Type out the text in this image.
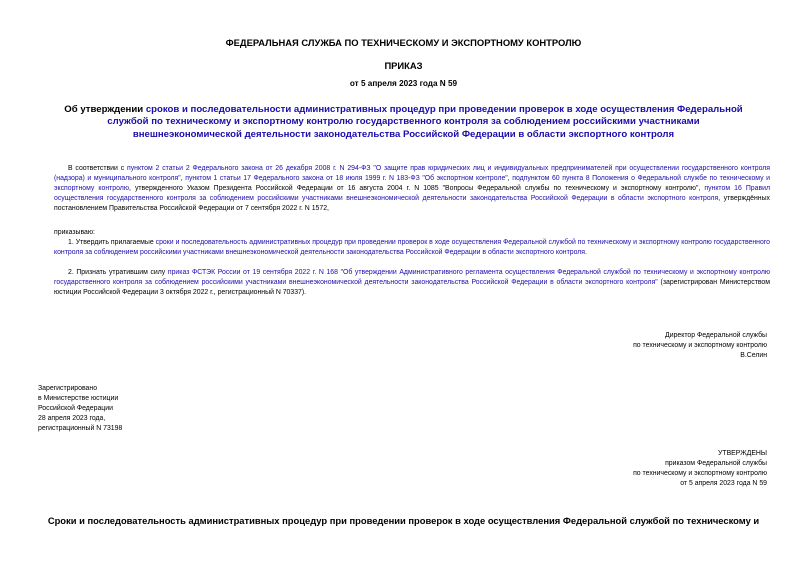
ФЕДЕРАЛЬНАЯ СЛУЖБА ПО ТЕХНИЧЕСКОМУ И ЭКСПОРТНОМУ КОНТРОЛЮ
ПРИКАЗ
от 5 апреля 2023 года N 59
Об утверждении сроков и последовательности административных процедур при проведении проверок в ходе осуществления Федеральной службой по техническому и экспортному контролю государственного контроля за соблюдением российскими участниками внешнеэкономической деятельности законодательства Российской Федерации в области экспортного контроля

В соответствии с пунктом 2 статьи 2 Федерального закона от 26 декабря 2008 г. N 294-ФЗ "О защите прав юридических лиц и индивидуальных предпринимателей при осуществлении государственного контроля (надзора) и муниципального контроля", пунктом 1 статьи 17 Федерального закона от 18 июля 1999 г. N 183-ФЗ "Об экспортном контроле", подпунктом 60 пункта 8 Положения о Федеральной службе по техническому и экспортному контролю, утвержденного Указом Президента Российской Федерации от 16 августа 2004 г. N 1085 "Вопросы Федеральной службы по техническому и экспортному контролю", пунктом 16 Правил осуществления государственного контроля за соблюдением российскими участниками внешнеэкономической деятельности законодательства Российской Федерации в области экспортного контроля, утверждённых постановлением Правительства Российской Федерации от 7 сентября 2022 г. N 1572,

приказываю:

1. Утвердить прилагаемые сроки и последовательность административных процедур при проведении проверок в ходе осуществления Федеральной службой по техническому и экспортному контролю государственного контроля за соблюдением российскими участниками внешнеэкономической деятельности законодательства Российской Федерации в области экспортного контроля.

2. Признать утратившим силу приказ ФСТЭК России от 19 сентября 2022 г. N 168 "Об утверждении Административного регламента осуществления Федеральной службой по техническому и экспортному контролю государственного контроля за соблюдением российскими участниками внешнеэкономической деятельности законодательства Российской Федерации в области экспортного контроля" (зарегистрирован Министерством юстиции Российской Федерации 3 октября 2022 г., регистрационный N 70337).

Директор Федеральной службы
по техническому и экспортному контролю
В.Селин
Зарегистрировано
в Министерстве юстиции
Российской Федерации
28 апреля 2023 года,
регистрационный N 73198
УТВЕРЖДЕНЫ
приказом Федеральной службы
по техническому и экспортному контролю
от 5 апреля 2023 года N 59
Сроки и последовательность административных процедур при проведении проверок в ходе осуществления Федеральной службой по техническому и
